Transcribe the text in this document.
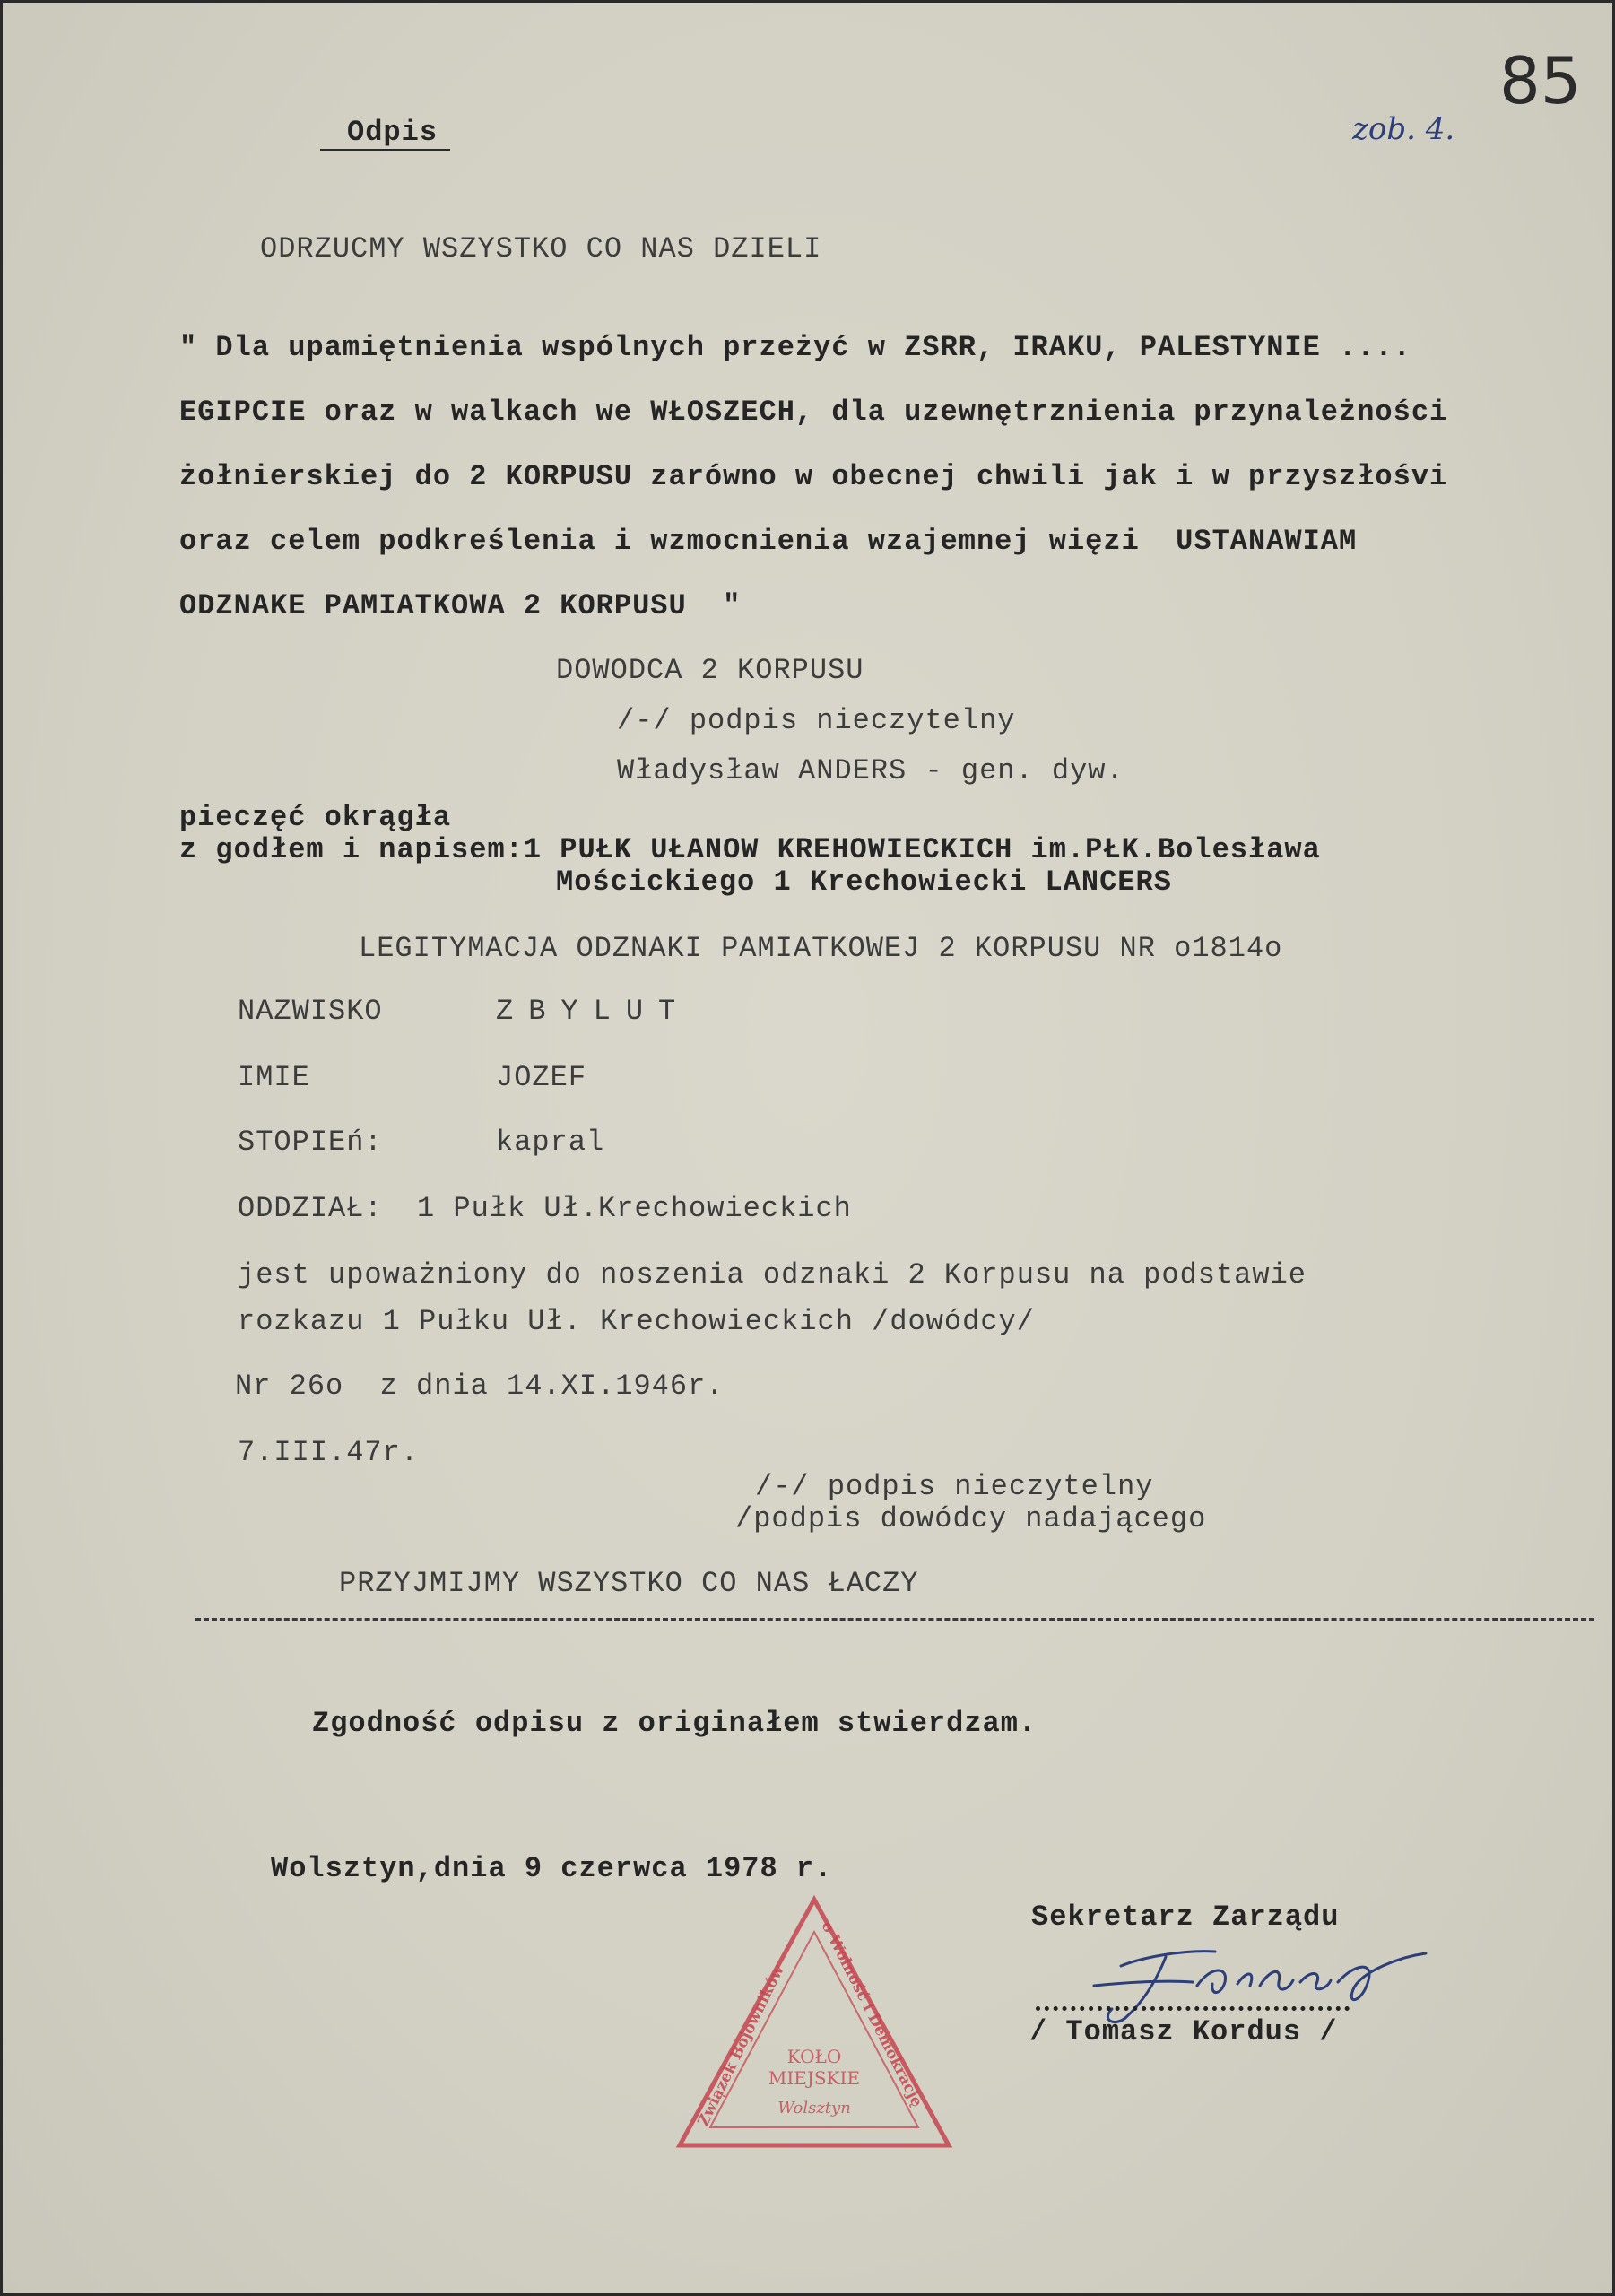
Odpis

85

zob. 4.

ODRZUCMY WSZYSTKO CO NAS DZIELI

" Dla upamiętnienia wspólnych przeżyć w ZSRR, IRAKU, PALESTYNIE ....

EGIPCIE oraz w walkach we WŁOSZECH, dla uzewnętrznienia przynależności

żołnierskiej do 2 KORPUSU zarówno w obecnej chwili jak i w przyszłośvi

oraz celem podkreślenia i wzmocnienia wzajemnej więzi  USTANAWIAM

ODZNAKE PAMIATKOWA 2 KORPUSU  "

DOWODCA 2 KORPUSU

/-/ podpis nieczytelny

Władysław ANDERS - gen. dyw.

pieczęć okrągła

z godłem i napisem:1 PUŁK UŁANOW KREHOWIECKICH im.PŁK.Bolesława

Mościckiego 1 Krechowiecki LANCERS

LEGITYMACJA ODZNAKI PAMIATKOWEJ 2 KORPUSU NR o1814o

NAZWISKO	ZBYLUT

IMIE	JOZEF

STOPIEń:	kapral

ODDZIAŁ: 1 Pułk Uł.Krechowieckich

jest upoważniony do noszenia odznaki 2 Korpusu na podstawie

rozkazu 1 Pułku Uł. Krechowieckich /dowódcy/

Nr 26o  z dnia 14.XI.1946r.

7.III.47r.

/-/ podpis nieczytelny

/podpis dowódcy nadającego

PRZYJMIJMY WSZYSTKO CO NAS ŁACZY

Zgodność odpisu z originałem stwierdzam.

Wolsztyn,dnia 9 czerwca 1978 r.

Sekretarz Zarządu

/ Tomasz Kordus /

Związek Bojowników
o Wolność i Demokrację
KOŁO
MIEJSKIE
Wolsztyn
